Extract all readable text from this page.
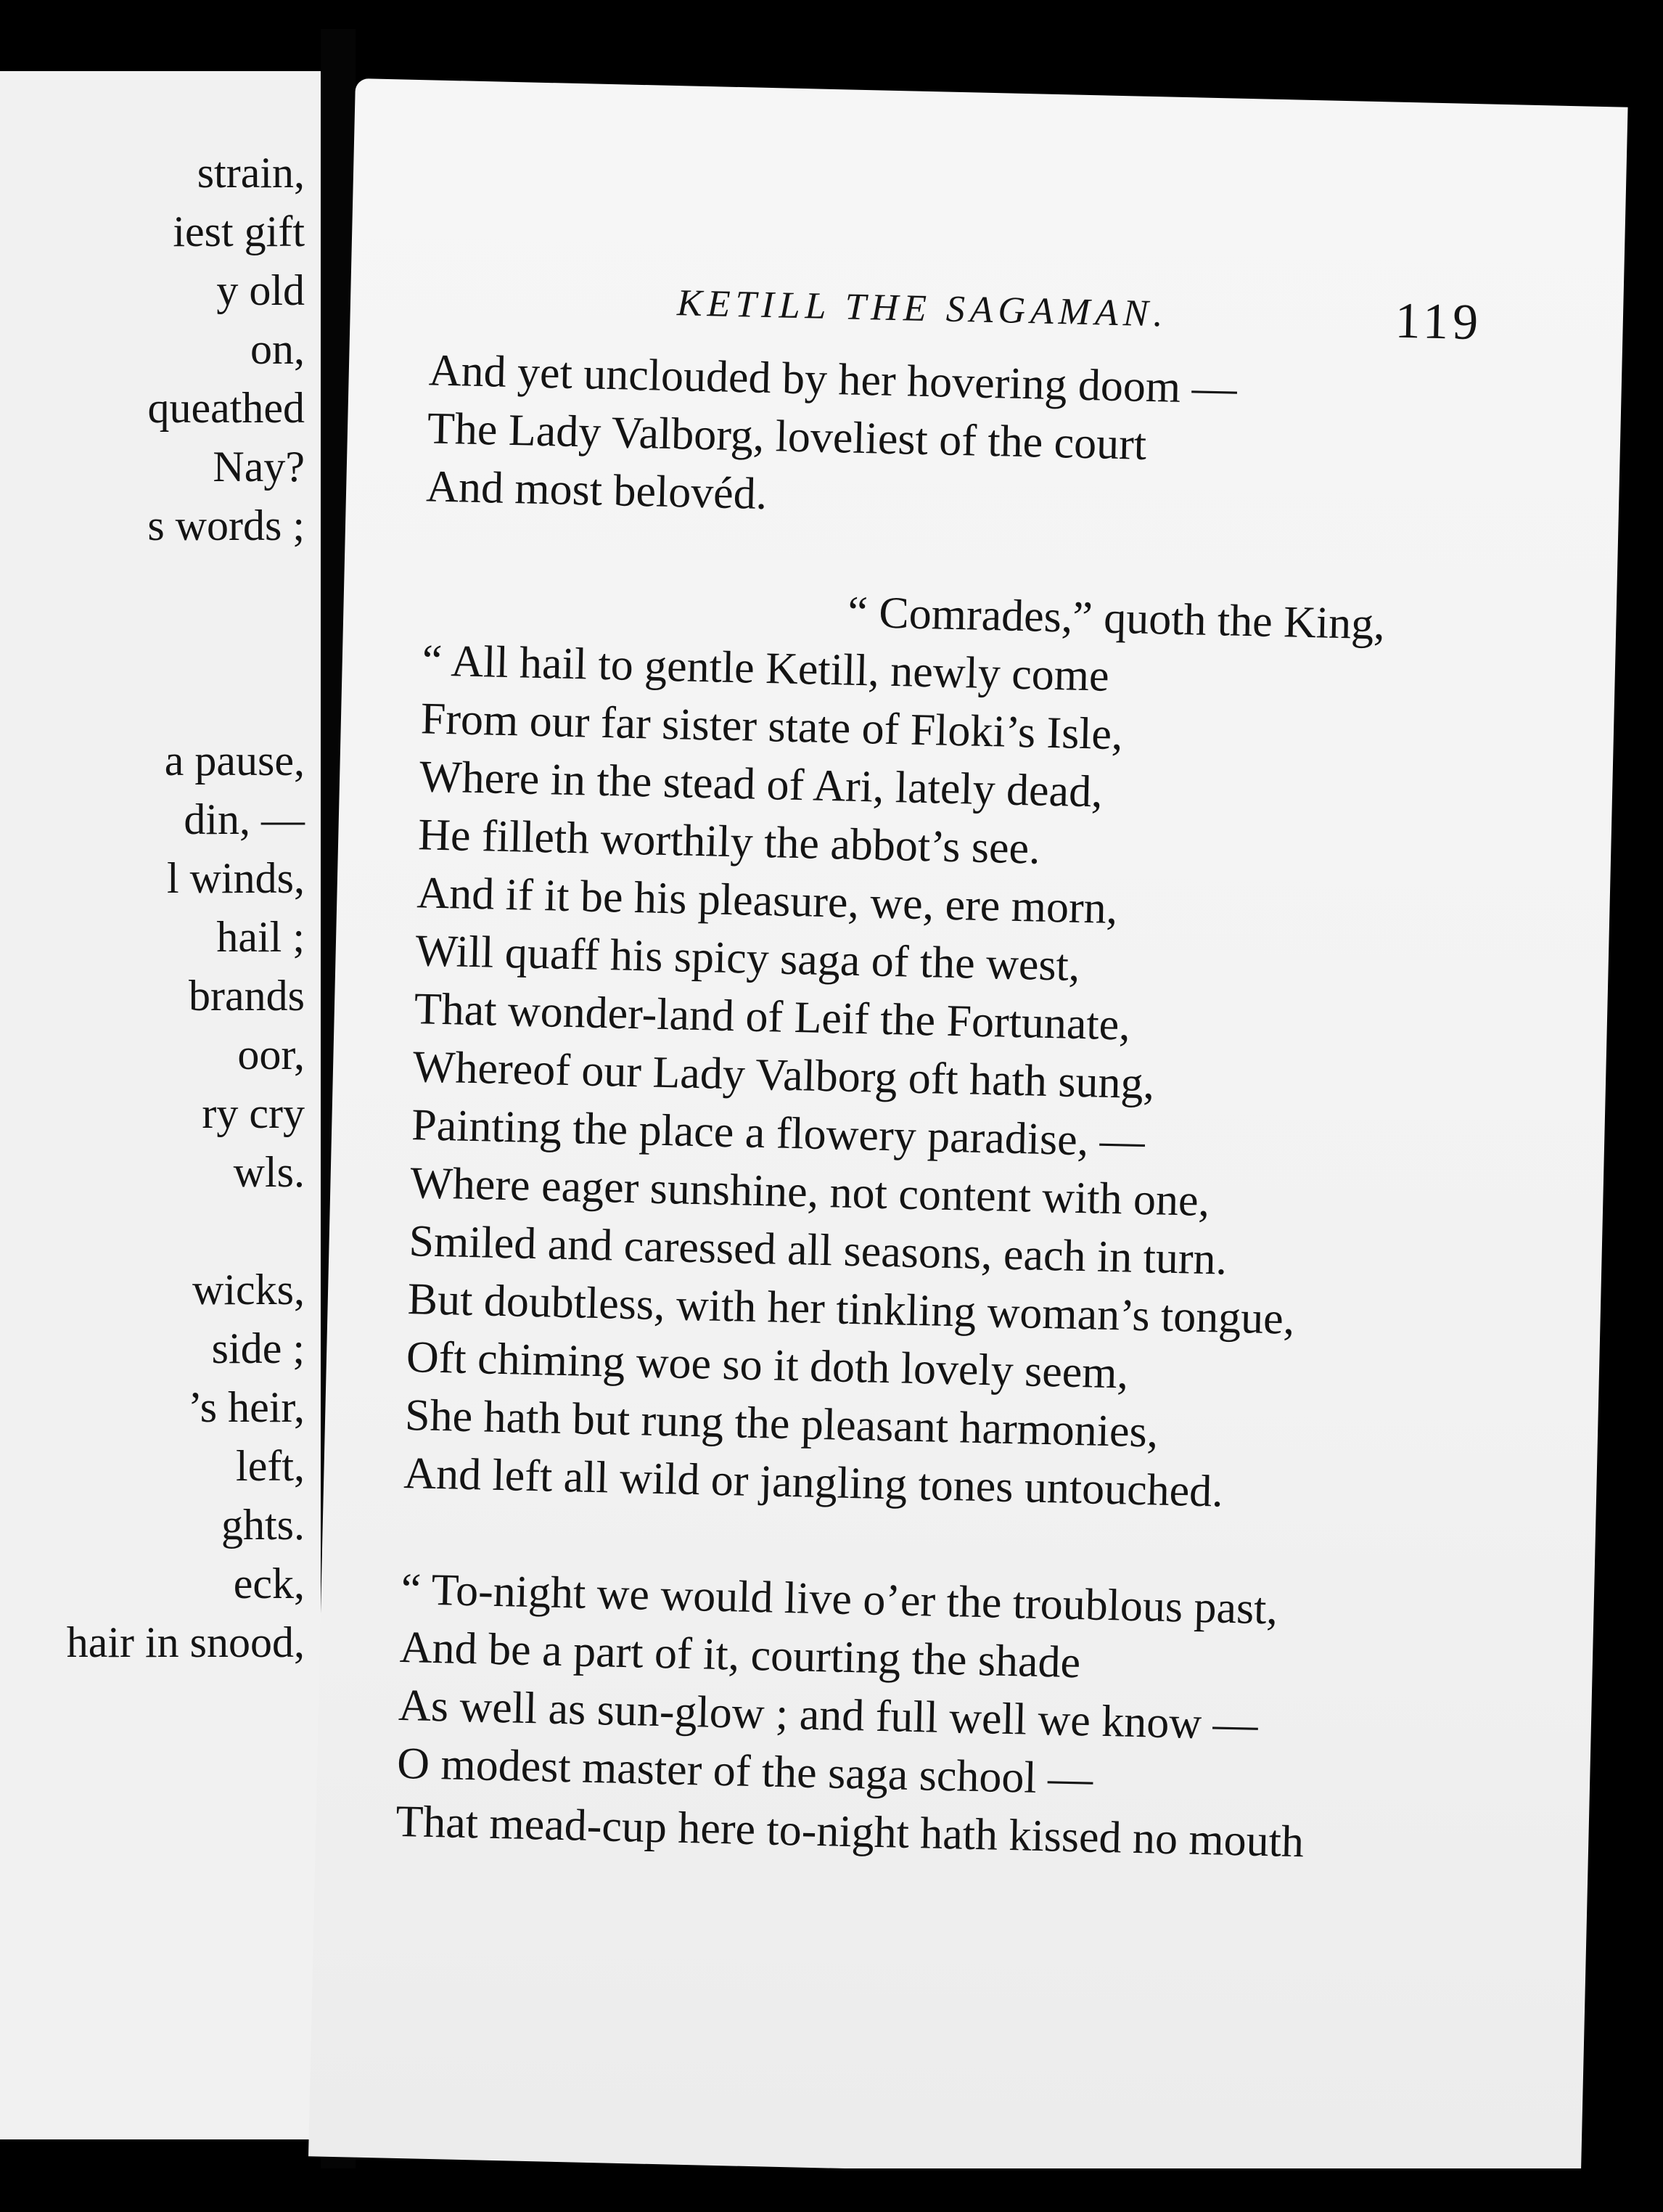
strain,
iest gift
y old
on,
queathed
Nay?
s words ;
a pause,
din, —
l winds,
hail ;
brands
oor,
ry cry
wls.
wicks,
side ;
’s heir,
left,
ghts.
eck,
hair in snood,
KETILL THE SAGAMAN.	119
And yet unclouded by her hovering doom —
The Lady Valborg, loveliest of the court
And most belovéd.
“ Comrades,” quoth the King,
“ All hail to gentle Ketill, newly come
From our far sister state of Floki’s Isle,
Where in the stead of Ari, lately dead,
He filleth worthily the abbot’s see.
And if it be his pleasure, we, ere morn,
Will quaff his spicy saga of the west,
That wonder-land of Leif the Fortunate,
Whereof our Lady Valborg oft hath sung,
Painting the place a flowery paradise, —
Where eager sunshine, not content with one,
Smiled and caressed all seasons, each in turn.
But doubtless, with her tinkling woman’s tongue,
Oft chiming woe so it doth lovely seem,
She hath but rung the pleasant harmonies,
And left all wild or jangling tones untouched.
“ To-night we would live o’er the troublous past,
And be a part of it, courting the shade
As well as sun-glow ; and full well we know —
O modest master of the saga school —
That mead-cup here to-night hath kissed no mouth
